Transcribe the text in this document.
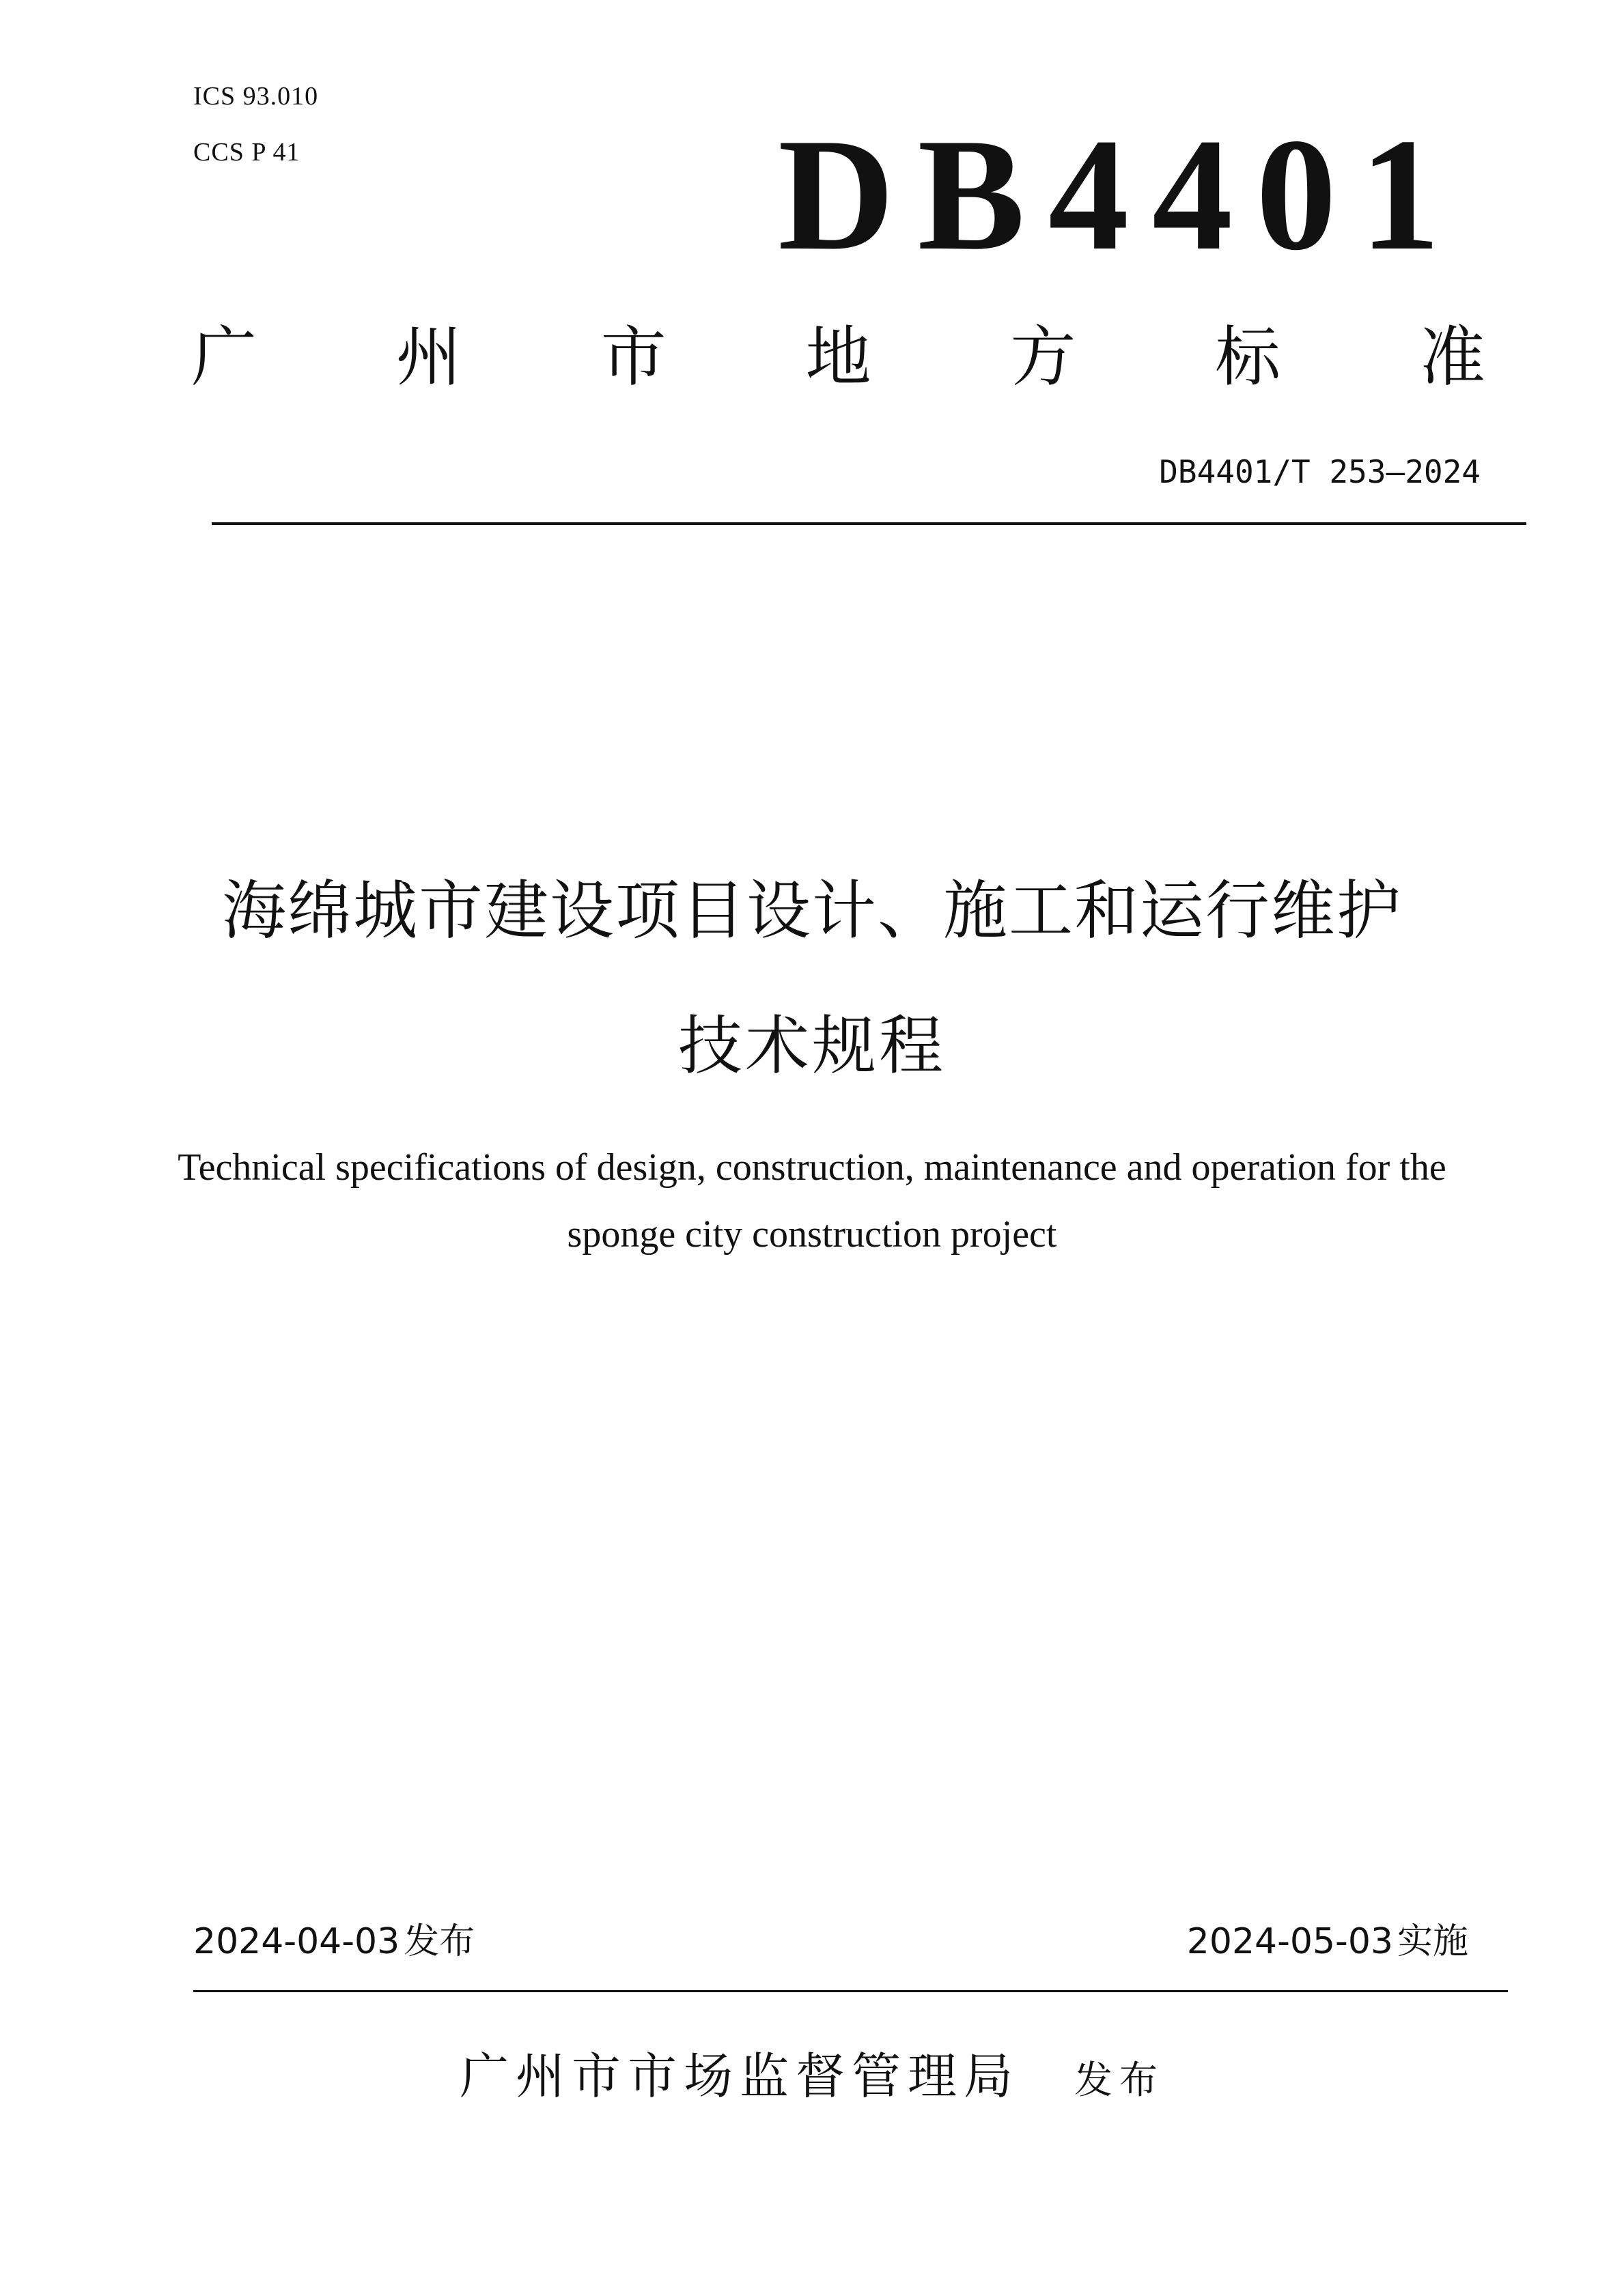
ICS 93.010
CCS P 41	DB4401
广 州 市 地 方 标 准
DB4401/T 253—2024
海绵城市建设项目设计、施工和运行维护
技术规程
Technical specifications of design, construction, maintenance and operation for the
sponge city construction project
2024-04-03 发布	2024-05-03 实施
广州市市场监督管理局 发布
